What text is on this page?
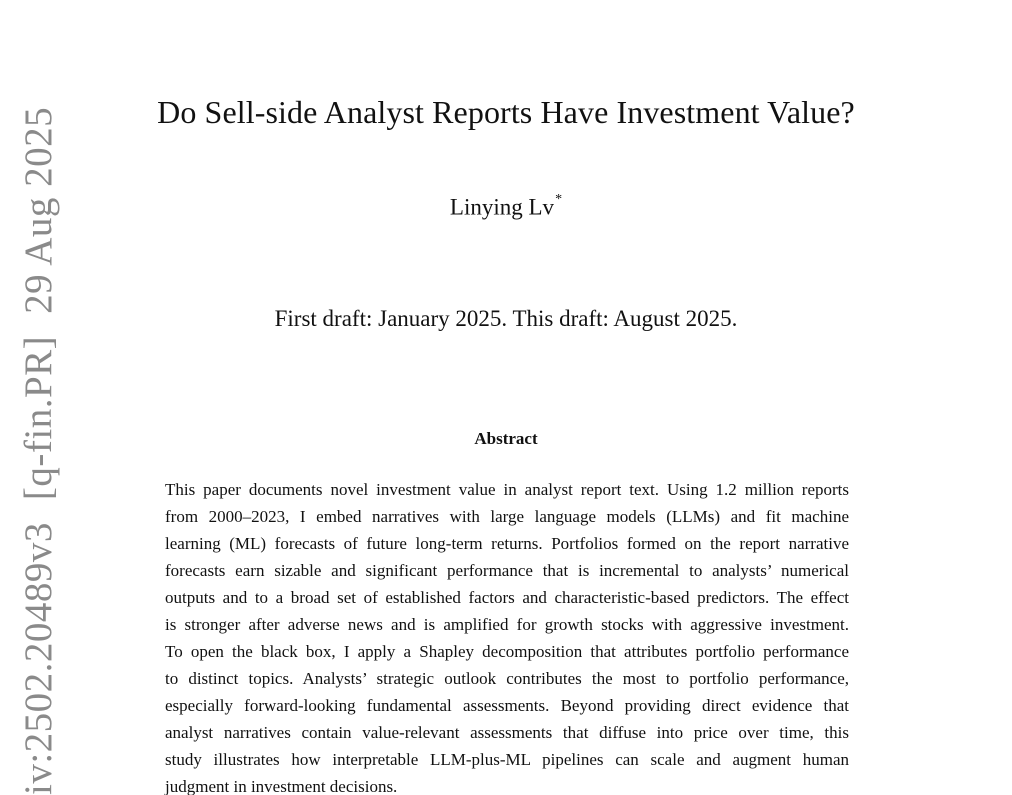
iv:2502.20489v3[q-fin.PR]29 Aug 2025	Do Sell-side Analyst Reports Have Investment Value?
Linying Lv*
First draft: January 2025. This draft: August 2025.
Abstract
This paper documents novel investment value in analyst report text. Using 1.2 million reports
from 2000–2023, I embed narratives with large language models (LLMs) and fit machine
learning (ML) forecasts of future long-term returns. Portfolios formed on the report narrative
forecasts earn sizable and significant performance that is incremental to analysts’ numerical
outputs and to a broad set of established factors and characteristic-based predictors. The effect
is stronger after adverse news and is amplified for growth stocks with aggressive investment.
To open the black box, I apply a Shapley decomposition that attributes portfolio performance
to distinct topics. Analysts’ strategic outlook contributes the most to portfolio performance,
especially forward-looking fundamental assessments. Beyond providing direct evidence that
analyst narratives contain value-relevant assessments that diffuse into price over time, this
study illustrates how interpretable LLM-plus-ML pipelines can scale and augment human
judgment in investment decisions.
